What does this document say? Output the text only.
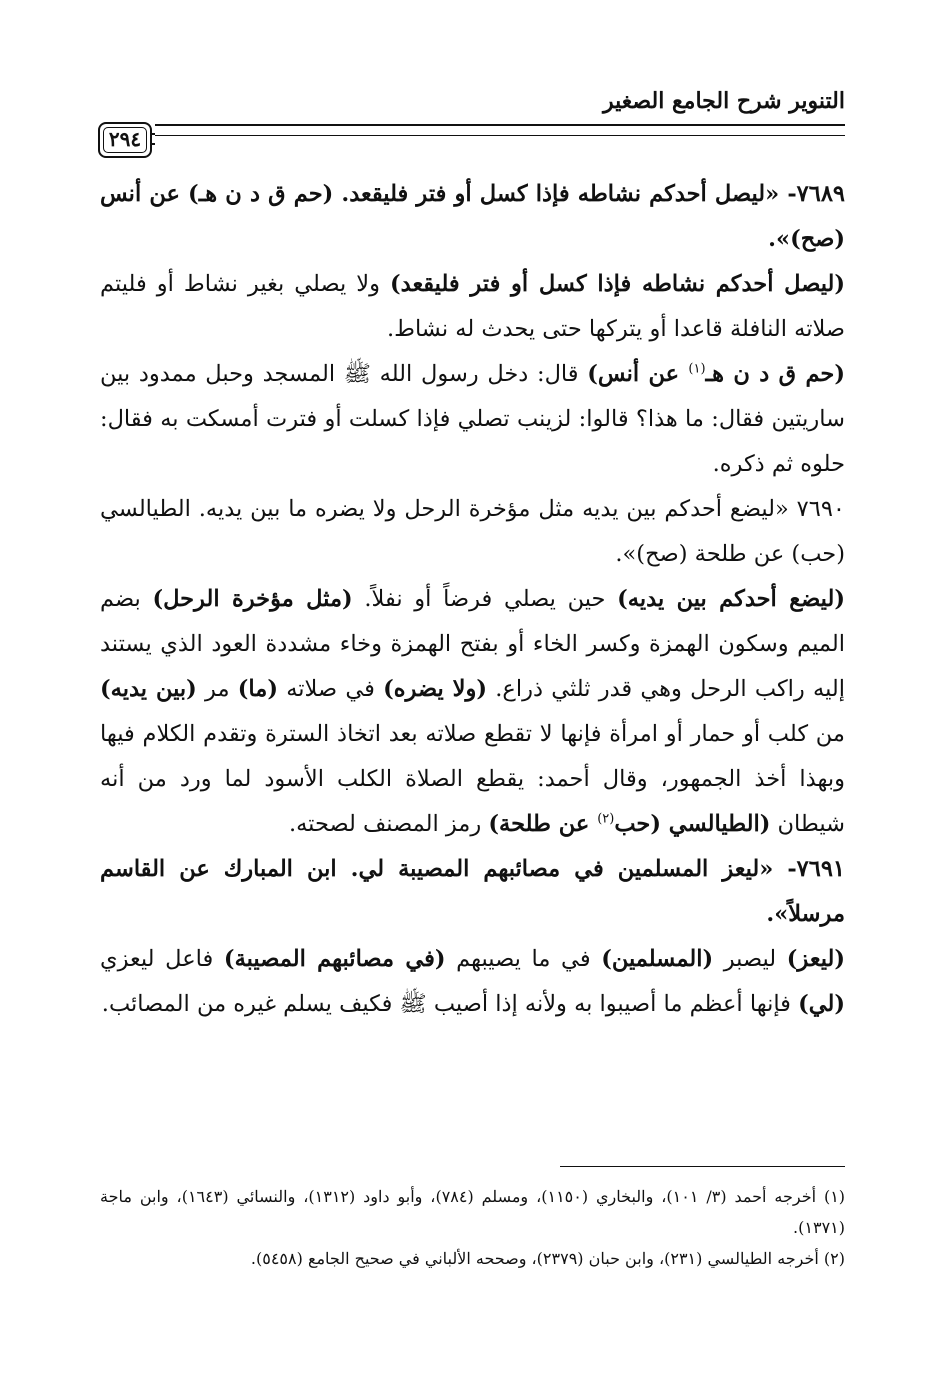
التنوير شرح الجامع الصغير
٢٩٤

٧٦٨٩- «ليصل أحدكم نشاطه فإذا كسل أو فتر فليقعد. (حم ق د ن هـ) عن أنس (صح)».

(ليصل أحدكم نشاطه فإذا كسل أو فتر فليقعد) ولا يصلي بغير نشاط أو فليتم صلاته النافلة قاعدا أو يتركها حتى يحدث له نشاط.

(حم ق د ن هـ$^{(١)}$ عن أنس) قال: دخل رسول الله ﷺ المسجد وحبل ممدود بين ساريتين فقال: ما هذا؟ قالوا: لزينب تصلي فإذا كسلت أو فترت أمسكت به فقال: حلوه ثم ذكره.

٧٦٩٠ «ليضع أحدكم بين يديه مثل مؤخرة الرحل ولا يضره ما بين يديه. الطيالسي (حب) عن طلحة (صح)».

(ليضع أحدكم بين يديه) حين يصلي فرضاً أو نفلاً. (مثل مؤخرة الرحل) بضم الميم وسكون الهمزة وكسر الخاء أو بفتح الهمزة وخاء مشددة العود الذي يستند إليه راكب الرحل وهي قدر ثلثي ذراع. (ولا يضره) في صلاته (ما) مر (بين يديه) من كلب أو حمار أو امرأة فإنها لا تقطع صلاته بعد اتخاذ السترة وتقدم الكلام فيها وبهذا أخذ الجمهور، وقال أحمد: يقطع الصلاة الكلب الأسود لما ورد من أنه شيطان (الطيالسي (حب$^{(٢)}$ عن طلحة) رمز المصنف لصحته.

٧٦٩١- «ليعز المسلمين في مصائبهم المصيبة لي. ابن المبارك عن القاسم مرسلاً».

(ليعز) ليصبر (المسلمين) في ما يصيبهم (في مصائبهم المصيبة) فاعل ليعزي (لي) فإنها أعظم ما أصيبوا به ولأنه إذا أصيب ﷺ فكيف يسلم غيره من المصائب.

(١) أخرجه أحمد (٣/ ١٠١)، والبخاري (١١٥٠)، ومسلم (٧٨٤)، وأبو داود (١٣١٢)، والنسائي (١٦٤٣)، وابن ماجة (١٣٧١).

(٢) أخرجه الطيالسي (٢٣١)، وابن حبان (٢٣٧٩)، وصححه الألباني في صحيح الجامع (٥٤٥٨).
